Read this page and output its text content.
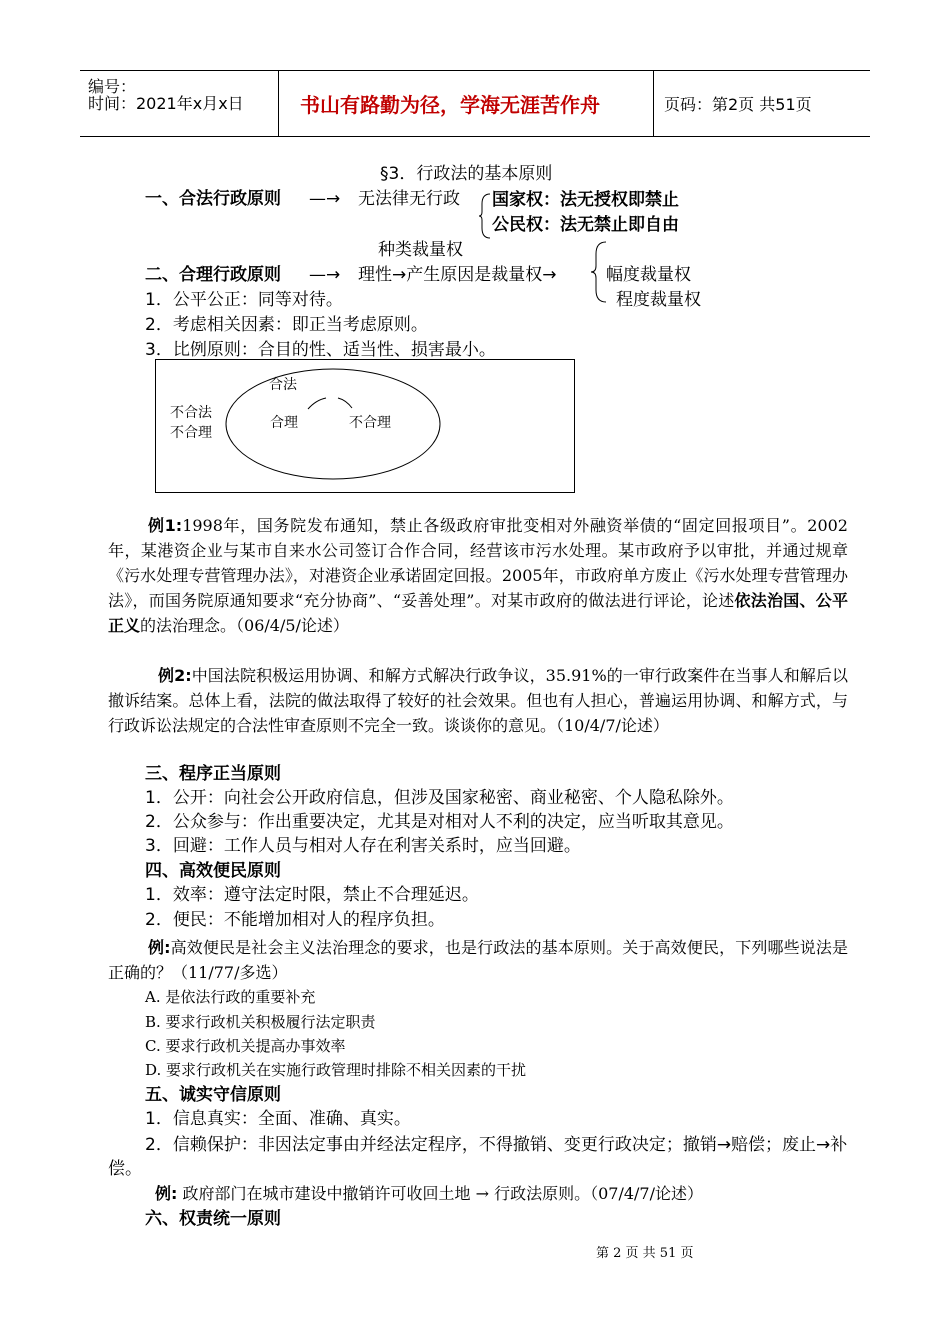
编号：
时间：2021年x月x日	书山有路勤为径，学海无涯苦作舟	页码：第2页 共51页
§3．行政法的基本原则
一、合法行政原则 —→ 无法律无行政 国家权：法无授权即禁止
公民权：法无禁止即自由
种类裁量权
二、合理行政原则 —→ 理性→产生原因是裁量权→	幅度裁量权
程度裁量权
1．公平公正：同等对待。
2．考虑相关因素：即正当考虑原则。
3．比例原则：合目的性、适当性、损害最小。
不合法
不合理
合法
合理	不合理
例1:1998年，国务院发布通知，禁止各级政府审批变相对外融资举债的“固定回报项目”。2002年，某港资企业与某市自来水公司签订合作合同，经营该市污水处理。某市政府予以审批，并通过规章《污水处理专营管理办法》，对港资企业承诺固定回报。2005年，市政府单方废止《污水处理专营管理办法》，而国务院原通知要求“充分协商”、“妥善处理”。对某市政府的做法进行评论，论述依法治国、公平正义的法治理念。（06/4/5/论述）
例2:中国法院积极运用协调、和解方式解决行政争议，35.91%的一审行政案件在当事人和解后以撤诉结案。总体上看，法院的做法取得了较好的社会效果。但也有人担心，普遍运用协调、和解方式，与行政诉讼法规定的合法性审查原则不完全一致。谈谈你的意见。（10/4/7/论述）
三、程序正当原则
1．公开：向社会公开政府信息，但涉及国家秘密、商业秘密、个人隐私除外。
2．公众参与：作出重要决定，尤其是对相对人不利的决定，应当听取其意见。
3．回避：工作人员与相对人存在利害关系时，应当回避。
四、高效便民原则
1．效率：遵守法定时限，禁止不合理延迟。
2．便民：不能增加相对人的程序负担。
例:高效便民是社会主义法治理念的要求，也是行政法的基本原则。关于高效便民，下列哪些说法是正确的？（11/77/多选）
A. 是依法行政的重要补充
B. 要求行政机关积极履行法定职责
C. 要求行政机关提高办事效率
D. 要求行政机关在实施行政管理时排除不相关因素的干扰
五、诚实守信原则
1．信息真实：全面、准确、真实。
2．信赖保护：非因法定事由并经法定程序，不得撤销、变更行政决定；撤销→赔偿；废止→补偿。
例: 政府部门在城市建设中撤销许可收回土地 → 行政法原则。（07/4/7/论述）
六、权责统一原则
第 2 页 共 51 页
